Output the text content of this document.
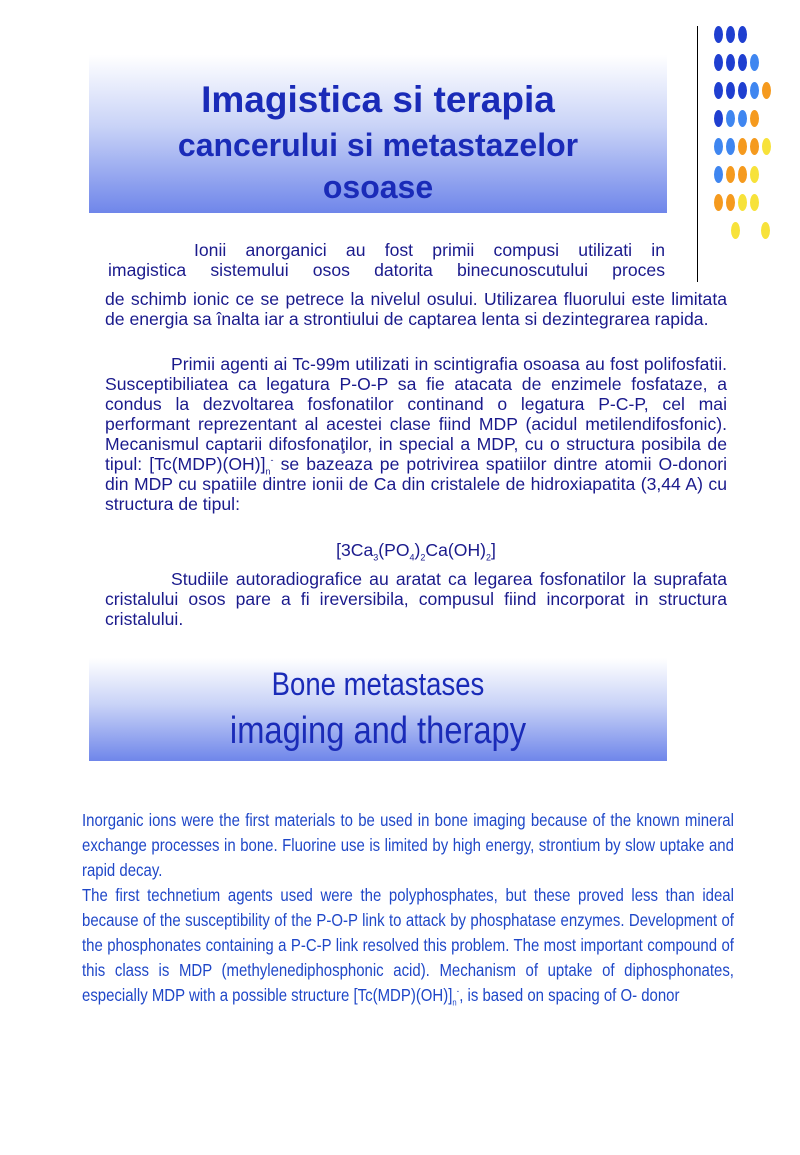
Imagistica si terapia
cancerului si metastazelor
osoase

Ionii anorganici au fost primii compusi utilizati in

imagistica sistemului osos datorita binecunoscutului proces

de schimb ionic ce se petrece la nivelul osului. Utilizarea fluorului este limitata de energia sa înalta iar a strontiului de captarea lenta si dezintegrarea rapida.

Primii agenti ai Tc-99m utilizati in scintigrafia osoasa au fost polifosfatii. Susceptibiliatea ca legatura P-O-P sa fie atacata de enzimele fosfataze, a condus la dezvoltarea fosfonatilor continand o legatura P-C-P, cel mai performant reprezentant al acestei clase fiind MDP (acidul metilendifosfonic). Mecanismul captarii difosfonaţilor, in special a MDP, cu o structura posibila de tipul: $[Tc(MDP)(OH)]_n^-$ se bazeaza pe potrivirea spatiilor dintre atomii O-donori din MDP cu spatiile dintre ionii de Ca din cristalele de hidroxiapatita (3,44 A) cu structura de tipul:

$[3Ca_3(PO_4)_2Ca(OH)_2]$

Studiile autoradiografice au aratat ca legarea fosfonatilor la suprafata cristalului osos pare a fi ireversibila, compusul fiind incorporat in structura cristalului.

Bone metastases
imaging and therapy

Inorganic ions were the first materials to be used in bone imaging because of the known mineral exchange processes in bone. Fluorine use is limited by high energy, strontium by slow uptake and rapid decay.

The first technetium agents used were the polyphosphates, but these proved less than ideal because of the susceptibility of the P-O-P link to attack by phosphatase enzymes. Development of the phosphonates containing a P-C-P link resolved this problem. The most important compound of this class is MDP (methylenediphosphonic acid). Mechanism of uptake of diphosphonates, especially MDP with a possible structure $[Tc(MDP)(OH)]_n^-$, is based on spacing of O- donor
